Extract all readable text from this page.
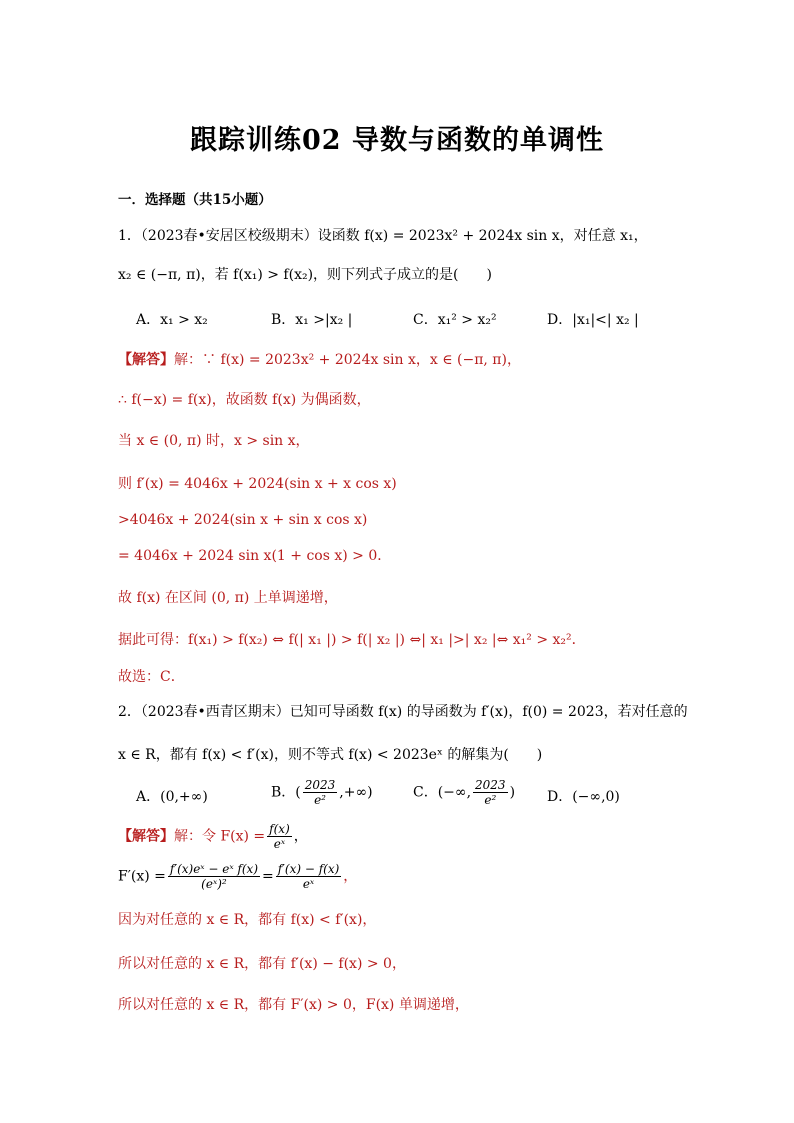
跟踪训练02 导数与函数的单调性
一．选择题（共15小题）
1．（2023春•安居区校级期末）设函数 f(x) = 2023x² + 2024x sin x，对任意 x₁，
x₂ ∈ (−π, π)，若 f(x₁) > f(x₂)，则下列式子成立的是(　　)
A．x₁ > x₂	B．x₁ >|x₂ |	C．x₁² > x₂²	D．|x₁|<| x₂ |
【解答】解：∵ f(x) = 2023x² + 2024x sin x，x ∈ (−π, π)，
∴ f(−x) = f(x)，故函数 f(x) 为偶函数，
当 x ∈ (0, π) 时，x > sin x，
则 f′(x) = 4046x + 2024(sin x + x cos x)
>4046x + 2024(sin x + sin x cos x)
= 4046x + 2024 sin x(1 + cos x) > 0．
故 f(x) 在区间 (0, π) 上单调递增，
据此可得：f(x₁) > f(x₂) ⇔ f(| x₁ |) > f(| x₂ |) ⇔| x₁ |>| x₂ |⇔ x₁² > x₂²．
故选：C．
2．（2023春•西青区期末）已知可导函数 f(x) 的导函数为 f′(x)，f(0) = 2023，若对任意的
x ∈ R，都有 f(x) < f′(x)，则不等式 f(x) < 2023eˣ 的解集为(　　)
A．(0,+∞)	B．( $\frac{2023}{\text{e²}}$ ,+∞)	C．(−∞, $\frac{2023}{\text{e²}}$ ) D．(−∞,0)
【解答】解：令 $F(x) = \frac{f(x)}{\text{eˣ}}$ ，
$F'(x) = \frac{\text{f′(x)eˣ − eˣ f(x)}}{\text{(eˣ)²}} = \frac{f'(x) - f(x)}{\text{eˣ}}$ ，
因为对任意的 x ∈ R，都有 f(x) < f′(x)，
所以对任意的 x ∈ R，都有 f′(x) − f(x) > 0，
所以对任意的 x ∈ R，都有 F′(x) > 0，F(x) 单调递增，
